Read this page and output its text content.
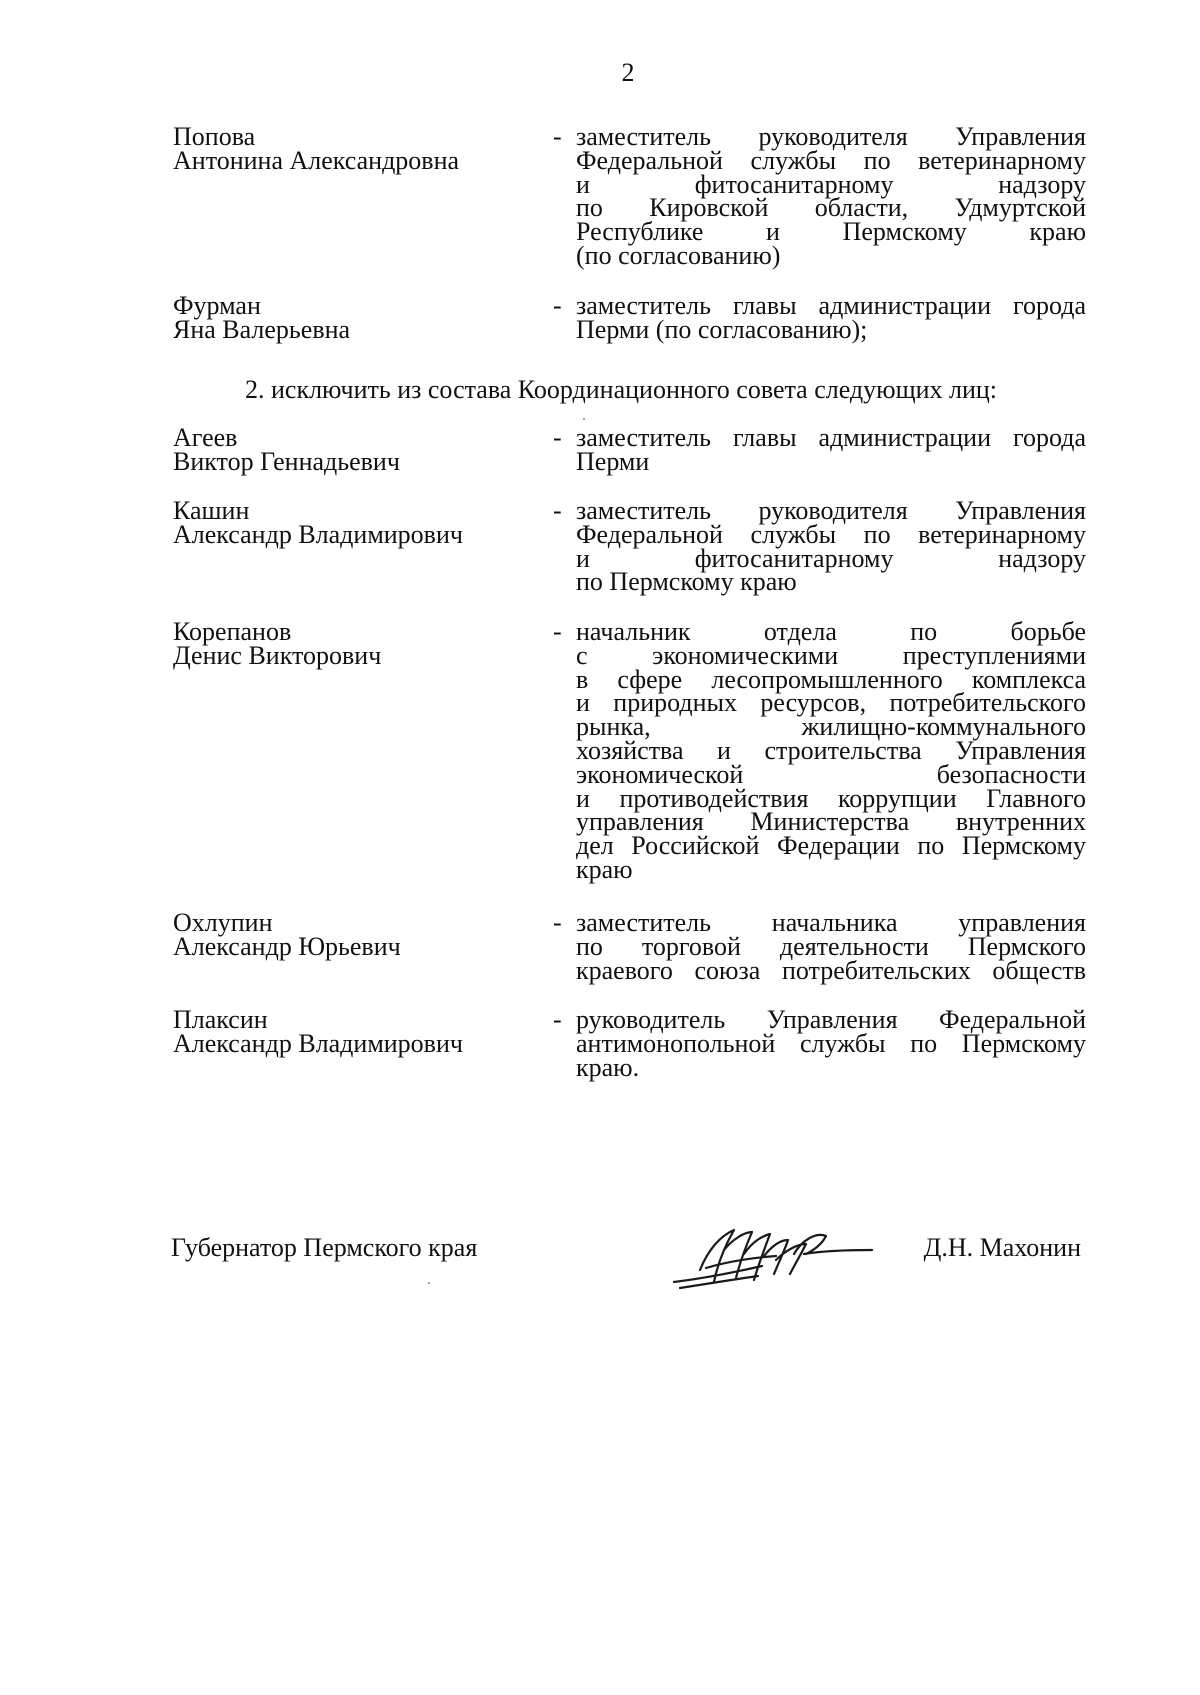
2
Попова
Антонина Александровна
- заместитель руководителя Управления
Федеральной службы по ветеринарному
и фитосанитарному надзору
по Кировской области, Удмуртской
Республике и Пермскому краю
(по согласованию)
Фурман
Яна Валерьевна
- заместитель главы администрации города
Перми (по согласованию);
2. исключить из состава Координационного совета следующих лиц:
Агеев
Виктор Геннадьевич
- заместитель главы администрации города
Перми
Кашин
Александр Владимирович
- заместитель руководителя Управления
Федеральной службы по ветеринарному
и фитосанитарному надзору
по Пермскому краю
Корепанов
Денис Викторович
- начальник отдела по борьбе
с экономическими преступлениями
в сфере лесопромышленного комплекса
и природных ресурсов, потребительского
рынка, жилищно-коммунального
хозяйства и строительства Управления
экономической безопасности
и противодействия коррупции Главного
управления Министерства внутренних
дел Российской Федерации по Пермскому
краю
Охлупин
Александр Юрьевич
- заместитель начальника управления
по торговой деятельности Пермского
краевого союза потребительских обществ
Плаксин
Александр Владимирович
- руководитель Управления Федеральной
антимонопольной службы по Пермскому
краю.
Губернатор Пермского края	Д.Н. Махонин
